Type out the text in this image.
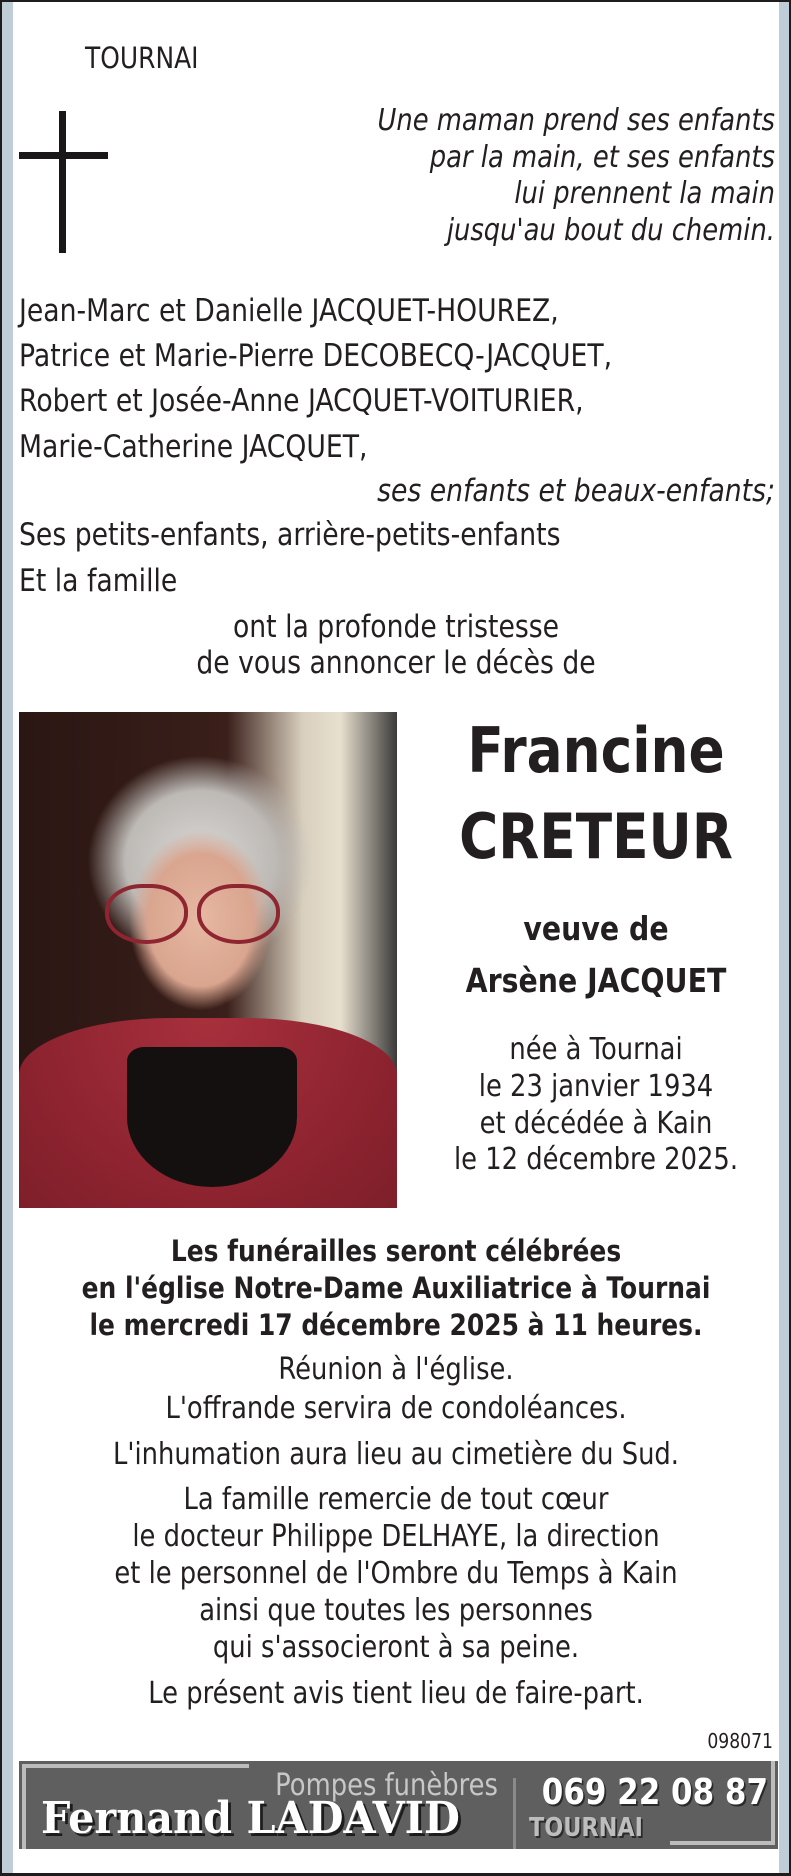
TOURNAI
Une maman prend ses enfants
par la main, et ses enfants
lui prennent la main
jusqu'au bout du chemin.
Jean-Marc et Danielle JACQUET-HOUREZ,
Patrice et Marie-Pierre DECOBECQ-JACQUET,
Robert et Josée-Anne JACQUET-VOITURIER,
Marie-Catherine JACQUET,
ses enfants et beaux-enfants;
Ses petits-enfants, arrière-petits-enfants
Et la famille
ont la profonde tristesse
de vous annoncer le décès de
Francine
CRETEUR
veuve de
Arsène JACQUET
née à Tournai
le 23 janvier 1934
et décédée à Kain
le 12 décembre 2025.
Les funérailles seront célébrées
en l'église Notre-Dame Auxiliatrice à Tournai
le mercredi 17 décembre 2025 à 11 heures.
Réunion à l'église.
L'offrande servira de condoléances.
L'inhumation aura lieu au cimetière du Sud.
La famille remercie de tout cœur
le docteur Philippe DELHAYE, la direction
et le personnel de l'Ombre du Temps à Kain
ainsi que toutes les personnes
qui s'associeront à sa peine.
Le présent avis tient lieu de faire-part.
098071
Pompes funèbres
Fernand LADAVID
069 22 08 87
TOURNAI
